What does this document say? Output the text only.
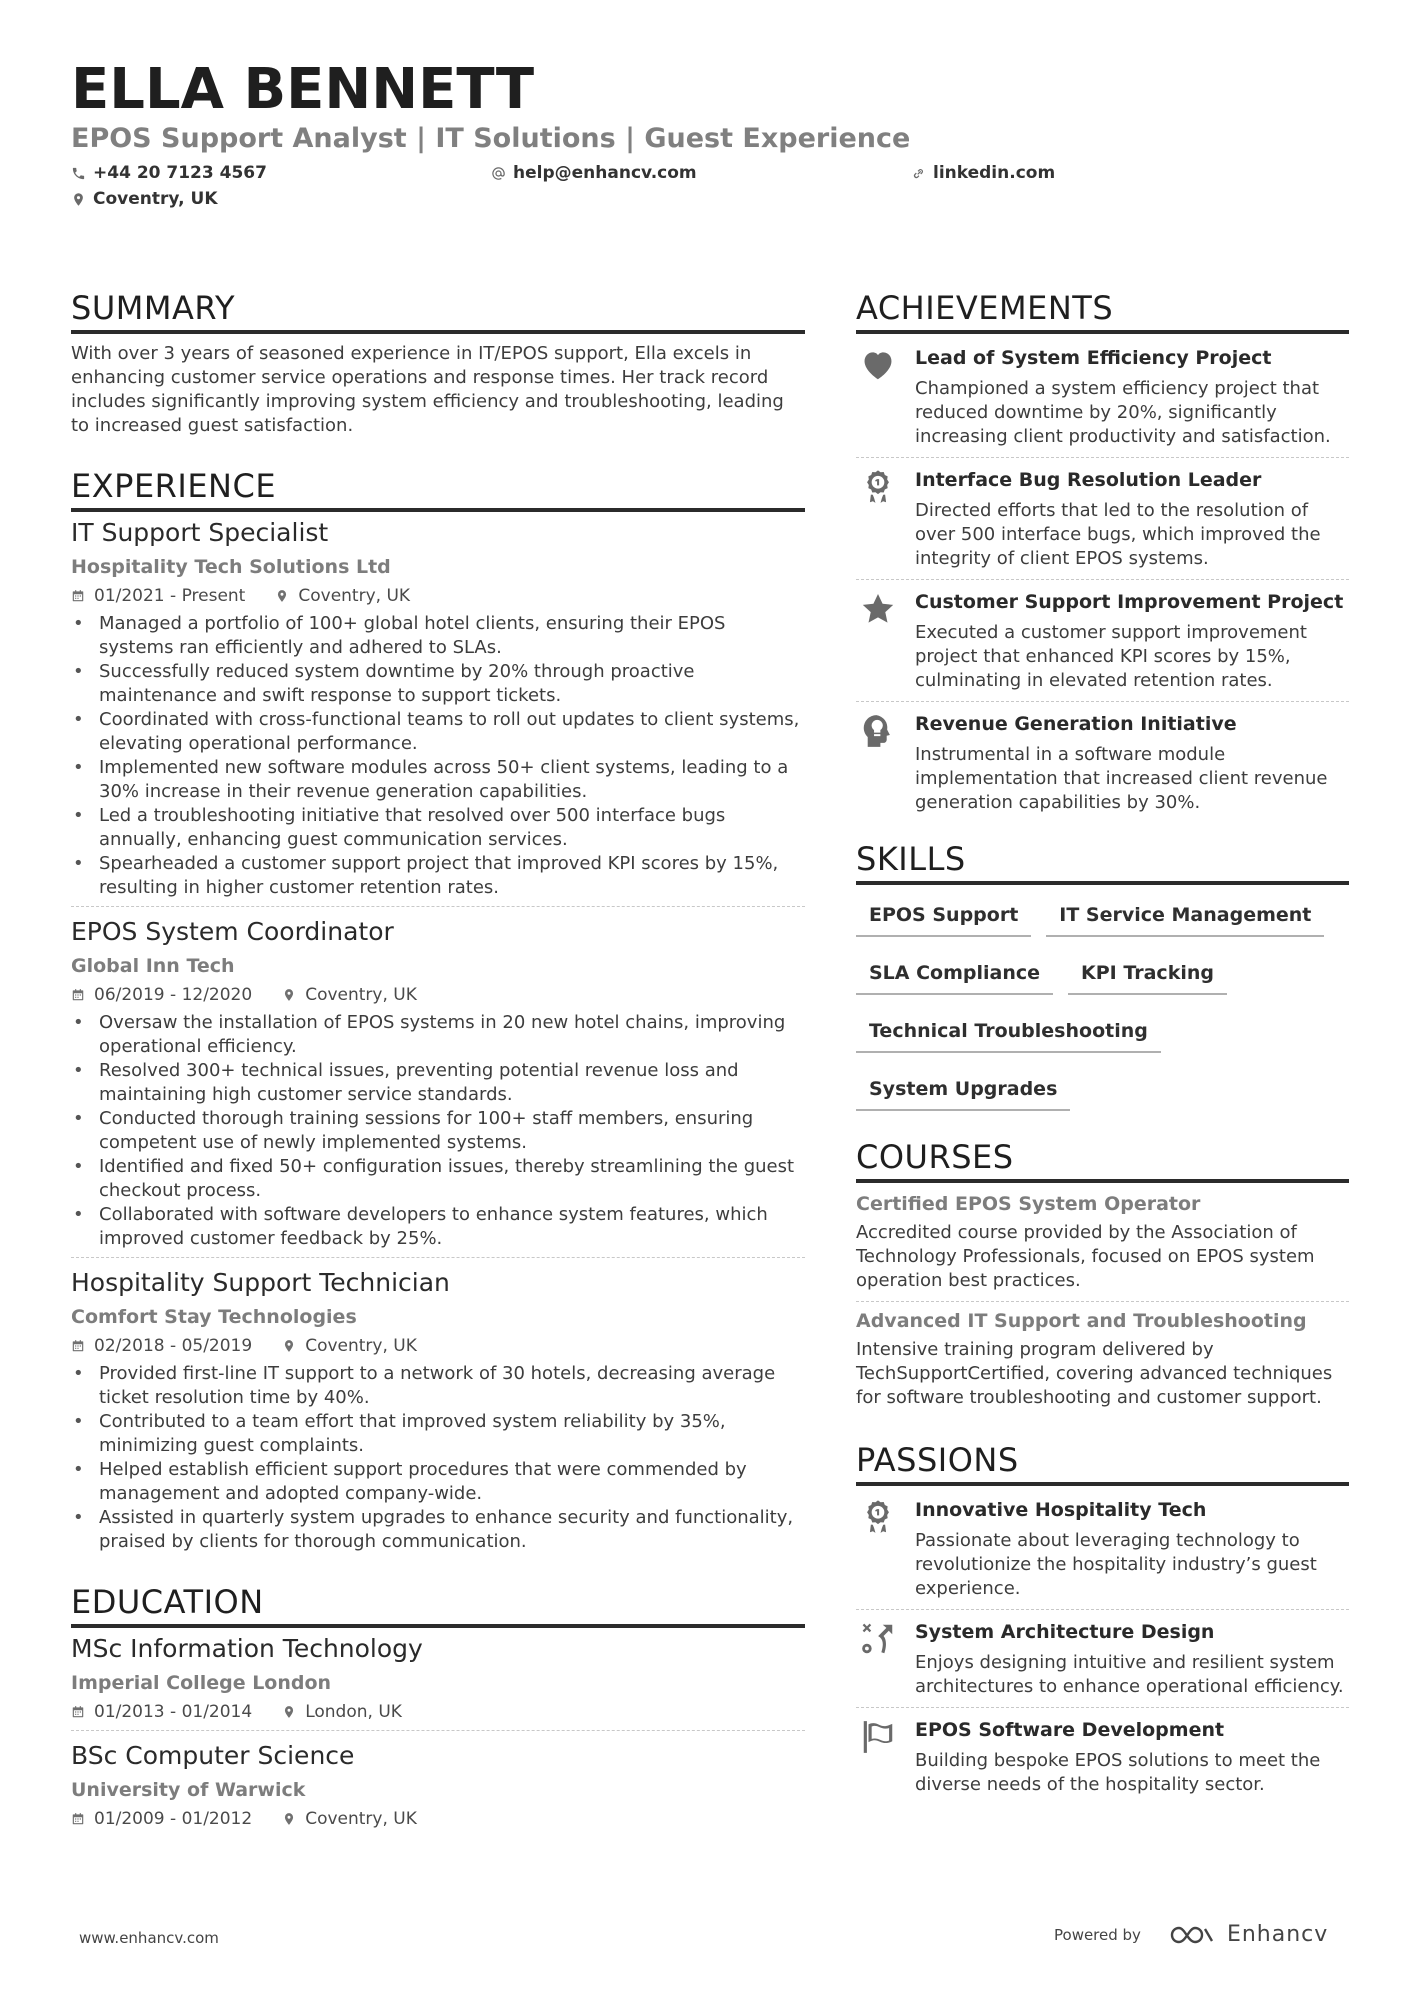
ELLA BENNETT
EPOS Support Analyst | IT Solutions | Guest Experience
+44 20 7123 4567	help@enhancv.com	linkedin.com
Coventry, UK
SUMMARY

With over 3 years of seasoned experience in IT/EPOS support, Ella excels in enhancing customer service operations and response times. Her track record includes significantly improving system efficiency and troubleshooting, leading to increased guest satisfaction.

EXPERIENCE
IT Support Specialist
Hospitality Tech Solutions Ltd
01/2021 - Present	Coventry, UK
• Managed a portfolio of 100+ global hotel clients, ensuring their EPOS systems ran efficiently and adhered to SLAs.
• Successfully reduced system downtime by 20% through proactive maintenance and swift response to support tickets.
• Coordinated with cross-functional teams to roll out updates to client systems, elevating operational performance.
• Implemented new software modules across 50+ client systems, leading to a 30% increase in their revenue generation capabilities.
• Led a troubleshooting initiative that resolved over 500 interface bugs annually, enhancing guest communication services.
• Spearheaded a customer support project that improved KPI scores by 15%, resulting in higher customer retention rates.
EPOS System Coordinator
Global Inn Tech
06/2019 - 12/2020	Coventry, UK
• Oversaw the installation of EPOS systems in 20 new hotel chains, improving operational efficiency.
• Resolved 300+ technical issues, preventing potential revenue loss and maintaining high customer service standards.
• Conducted thorough training sessions for 100+ staff members, ensuring competent use of newly implemented systems.
• Identified and fixed 50+ configuration issues, thereby streamlining the guest checkout process.
• Collaborated with software developers to enhance system features, which improved customer feedback by 25%.
Hospitality Support Technician
Comfort Stay Technologies
02/2018 - 05/2019	Coventry, UK
• Provided first-line IT support to a network of 30 hotels, decreasing average ticket resolution time by 40%.
• Contributed to a team effort that improved system reliability by 35%, minimizing guest complaints.
• Helped establish efficient support procedures that were commended by management and adopted company-wide.
• Assisted in quarterly system upgrades to enhance security and functionality, praised by clients for thorough communication.
EDUCATION
MSc Information Technology
Imperial College London
01/2013 - 01/2014	London, UK
BSc Computer Science
University of Warwick
01/2009 - 01/2012	Coventry, UK
ACHIEVEMENTS
Lead of System Efficiency Project
Championed a system efficiency project that reduced downtime by 20%, significantly increasing client productivity and satisfaction.
Interface Bug Resolution Leader
Directed efforts that led to the resolution of over 500 interface bugs, which improved the integrity of client EPOS systems.
Customer Support Improvement Project
Executed a customer support improvement project that enhanced KPI scores by 15%, culminating in elevated retention rates.
Revenue Generation Initiative
Instrumental in a software module implementation that increased client revenue generation capabilities by 30%.
SKILLS
EPOS Support	IT Service Management
SLA Compliance	KPI Tracking
Technical Troubleshooting
System Upgrades
COURSES
Certified EPOS System Operator
Accredited course provided by the Association of Technology Professionals, focused on EPOS system operation best practices.
Advanced IT Support and Troubleshooting
Intensive training program delivered by TechSupportCertified, covering advanced techniques for software troubleshooting and customer support.
PASSIONS
Innovative Hospitality Tech
Passionate about leveraging technology to revolutionize the hospitality industry’s guest experience.
System Architecture Design
Enjoys designing intuitive and resilient system architectures to enhance operational efficiency.
EPOS Software Development
Building bespoke EPOS solutions to meet the diverse needs of the hospitality sector.
www.enhancv.com	Powered by	Enhancv
